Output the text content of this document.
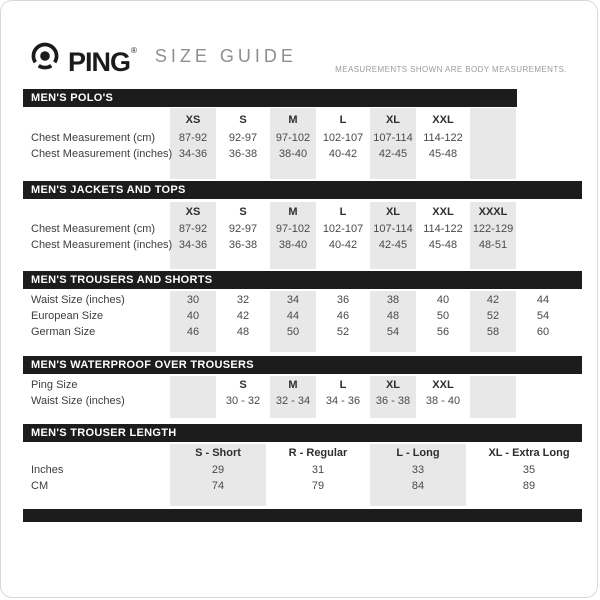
PING® SIZE GUIDE
MEASUREMENTS SHOWN ARE BODY MEASUREMENTS.
MEN'S POLO'S
XS	S	M	L	XL	XXL
Chest Measurement (cm)	87-92	92-97	97-102	102-107 107-114 114-122
Chest Measurement (inches) 34-36	36-38	38-40	40-42	42-45	45-48
MEN'S JACKETS AND TOPS
XS	S	M	L	XL	XXL	XXXL
Chest Measurement (cm)	87-92	92-97	97-102	102-107 107-114 114-122 122-129
Chest Measurement (inches) 34-36	36-38	38-40	40-42	42-45	45-48	48-51
MEN'S TROUSERS AND SHORTS
Waist Size (inches)	30	32	34	36	38	40	42	44
European Size	40	42	44	46	48	50	52	54
German Size	46	48	50	52	54	56	58	60
MEN'S WATERPROOF OVER TROUSERS
Ping Size	S	M	L	XL	XXL
Waist Size (inches)	30 - 32	32 - 34	34 - 36	36 - 38	38 - 40
MEN'S TROUSER LENGTH
S - Short	R - Regular	L - Long	XL - Extra Long
Inches	29	31	33	35
CM	74	79	84	89
